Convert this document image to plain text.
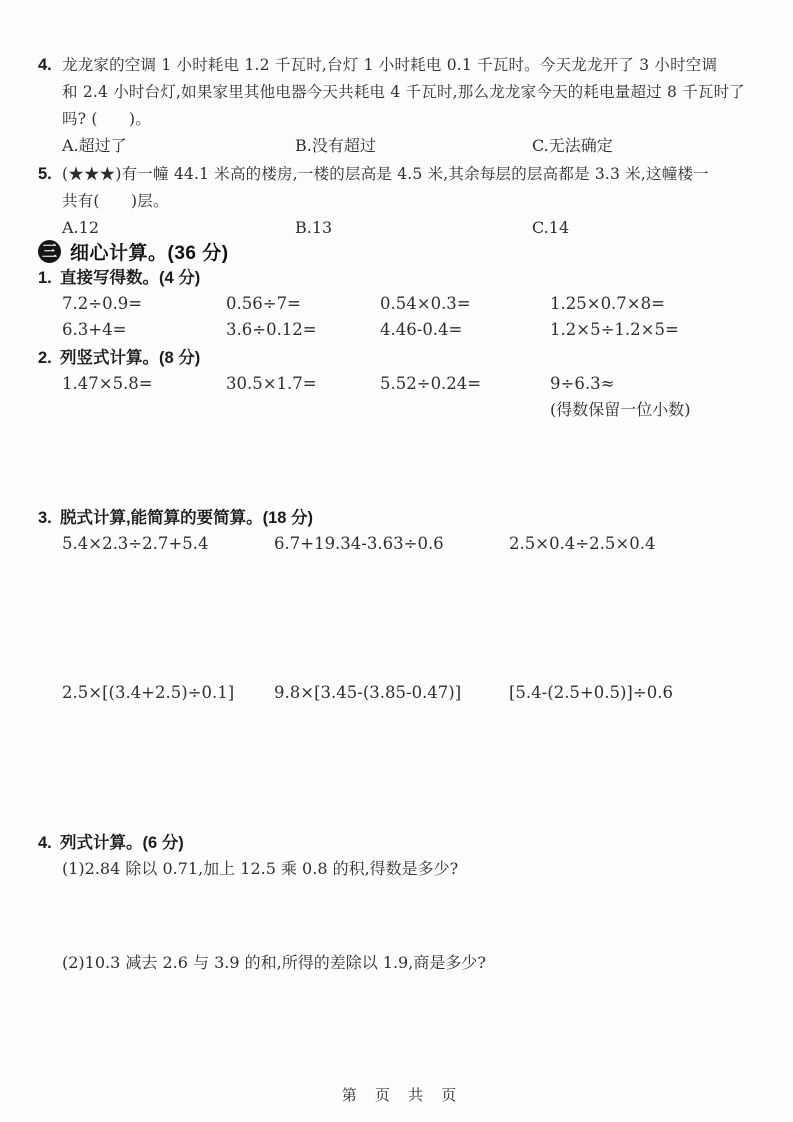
4. 龙龙家的空调 1 小时耗电 1.2 千瓦时,台灯 1 小时耗电 0.1 千瓦时。今天龙龙开了 3 小时空调
和 2.4 小时台灯,如果家里其他电器今天共耗电 4 千瓦时,那么龙龙家今天的耗电量超过 8 千瓦时了
吗? (　　)。
A.超过了	B.没有超过	C.无法确定
5. (★★★)有一幢 44.1 米高的楼房,一楼的层高是 4.5 米,其余每层的层高都是 3.3 米,这幢楼一
共有(　　)层。
A.12	B.13	C.14
三 细心计算。(36 分)
1. 直接写得数。(4 分)
7.2÷0.9=	0.56÷7=	0.54×0.3=	1.25×0.7×8=
6.3+4=	3.6÷0.12=	4.46-0.4=	1.2×5÷1.2×5=
2. 列竖式计算。(8 分)
1.47×5.8=	30.5×1.7=	5.52÷0.24=	9÷6.3≈
(得数保留一位小数)
3. 脱式计算,能简算的要简算。(18 分)
5.4×2.3÷2.7+5.4	6.7+19.34-3.63÷0.6	2.5×0.4÷2.5×0.4
2.5×[(3.4+2.5)÷0.1]	9.8×[3.45-(3.85-0.47)]	[5.4-(2.5+0.5)]÷0.6
4. 列式计算。(6 分)
(1)2.84 除以 0.71,加上 12.5 乘 0.8 的积,得数是多少?
(2)10.3 减去 2.6 与 3.9 的和,所得的差除以 1.9,商是多少?
第 页 共 页
